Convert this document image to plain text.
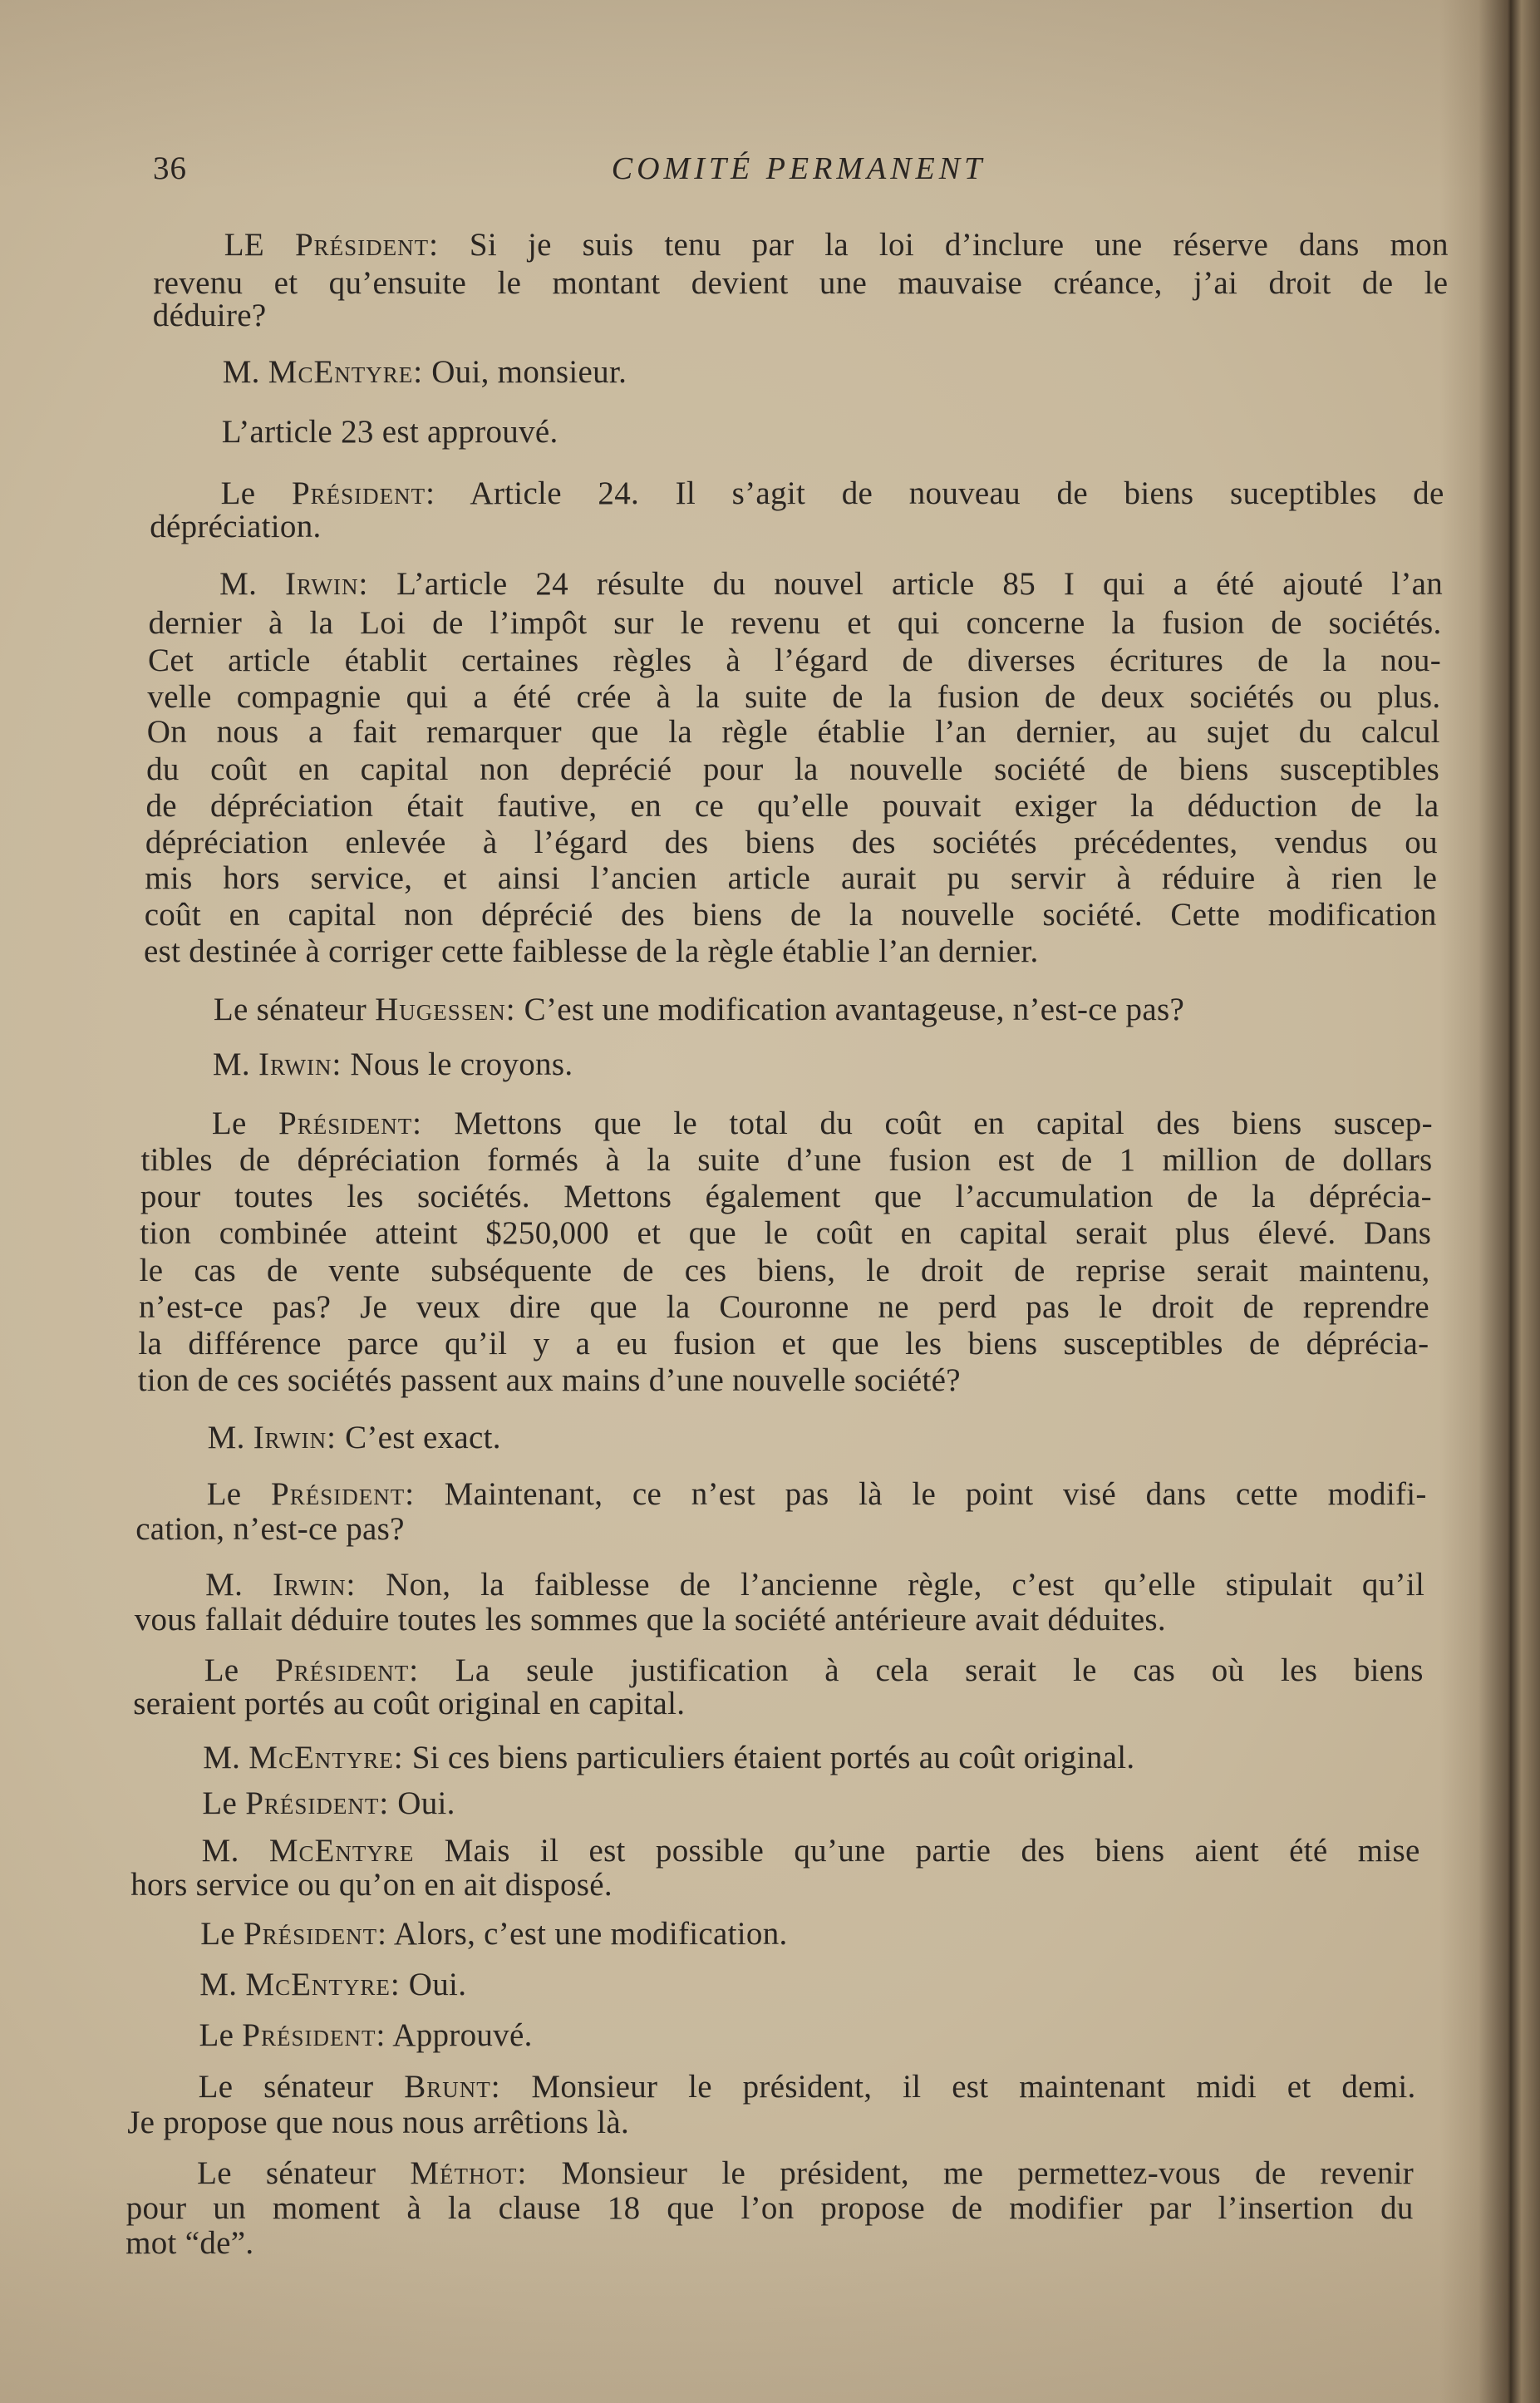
36	COMITÉ PERMANENT
LE Président: Si je suis tenu par la loi d’inclure une réserve dans mon
revenu et qu’ensuite le montant devient une mauvaise créance, j’ai droit de le
déduire?
M. McEntyre: Oui, monsieur.
L’article 23 est approuvé.
Le Président: Article 24. Il s’agit de nouveau de biens suceptibles de
dépréciation.
M. Irwin: L’article 24 résulte du nouvel article 85 I qui a été ajouté l’an
dernier à la Loi de l’impôt sur le revenu et qui concerne la fusion de sociétés.
Cet article établit certaines règles à l’égard de diverses écritures de la nou-
velle compagnie qui a été crée à la suite de la fusion de deux sociétés ou plus.
On nous a fait remarquer que la règle établie l’an dernier, au sujet du calcul
du coût en capital non deprécié pour la nouvelle société de biens susceptibles
de dépréciation était fautive, en ce qu’elle pouvait exiger la déduction de la
dépréciation enlevée à l’égard des biens des sociétés précédentes, vendus ou
mis hors service, et ainsi l’ancien article aurait pu servir à réduire à rien le
coût en capital non déprécié des biens de la nouvelle société. Cette modification
est destinée à corriger cette faiblesse de la règle établie l’an dernier.
Le sénateur Hugessen: C’est une modification avantageuse, n’est-ce pas?
M. Irwin: Nous le croyons.
Le Président: Mettons que le total du coût en capital des biens suscep-
tibles de dépréciation formés à la suite d’une fusion est de 1 million de dollars
pour toutes les sociétés. Mettons également que l’accumulation de la déprécia-
tion combinée atteint $250,000 et que le coût en capital serait plus élevé. Dans
le cas de vente subséquente de ces biens, le droit de reprise serait maintenu,
n’est-ce pas? Je veux dire que la Couronne ne perd pas le droit de reprendre
la différence parce qu’il y a eu fusion et que les biens susceptibles de déprécia-
tion de ces sociétés passent aux mains d’une nouvelle société?
M. Irwin: C’est exact.
Le Président: Maintenant, ce n’est pas là le point visé dans cette modifi-
cation, n’est-ce pas?
M. Irwin: Non, la faiblesse de l’ancienne règle, c’est qu’elle stipulait qu’il
vous fallait déduire toutes les sommes que la société antérieure avait déduites.
Le Président: La seule justification à cela serait le cas où les biens
seraient portés au coût original en capital.
M. McEntyre: Si ces biens particuliers étaient portés au coût original.
Le Président: Oui.
M. McEntyre Mais il est possible qu’une partie des biens aient été mise
hors service ou qu’on en ait disposé.
Le Président: Alors, c’est une modification.
M. McEntyre: Oui.
Le Président: Approuvé.
Le sénateur Brunt: Monsieur le président, il est maintenant midi et demi.
Je propose que nous nous arrêtions là.
Le sénateur Méthot: Monsieur le président, me permettez-vous de revenir
pour un moment à la clause 18 que l’on propose de modifier par l’insertion du
mot “de”.
